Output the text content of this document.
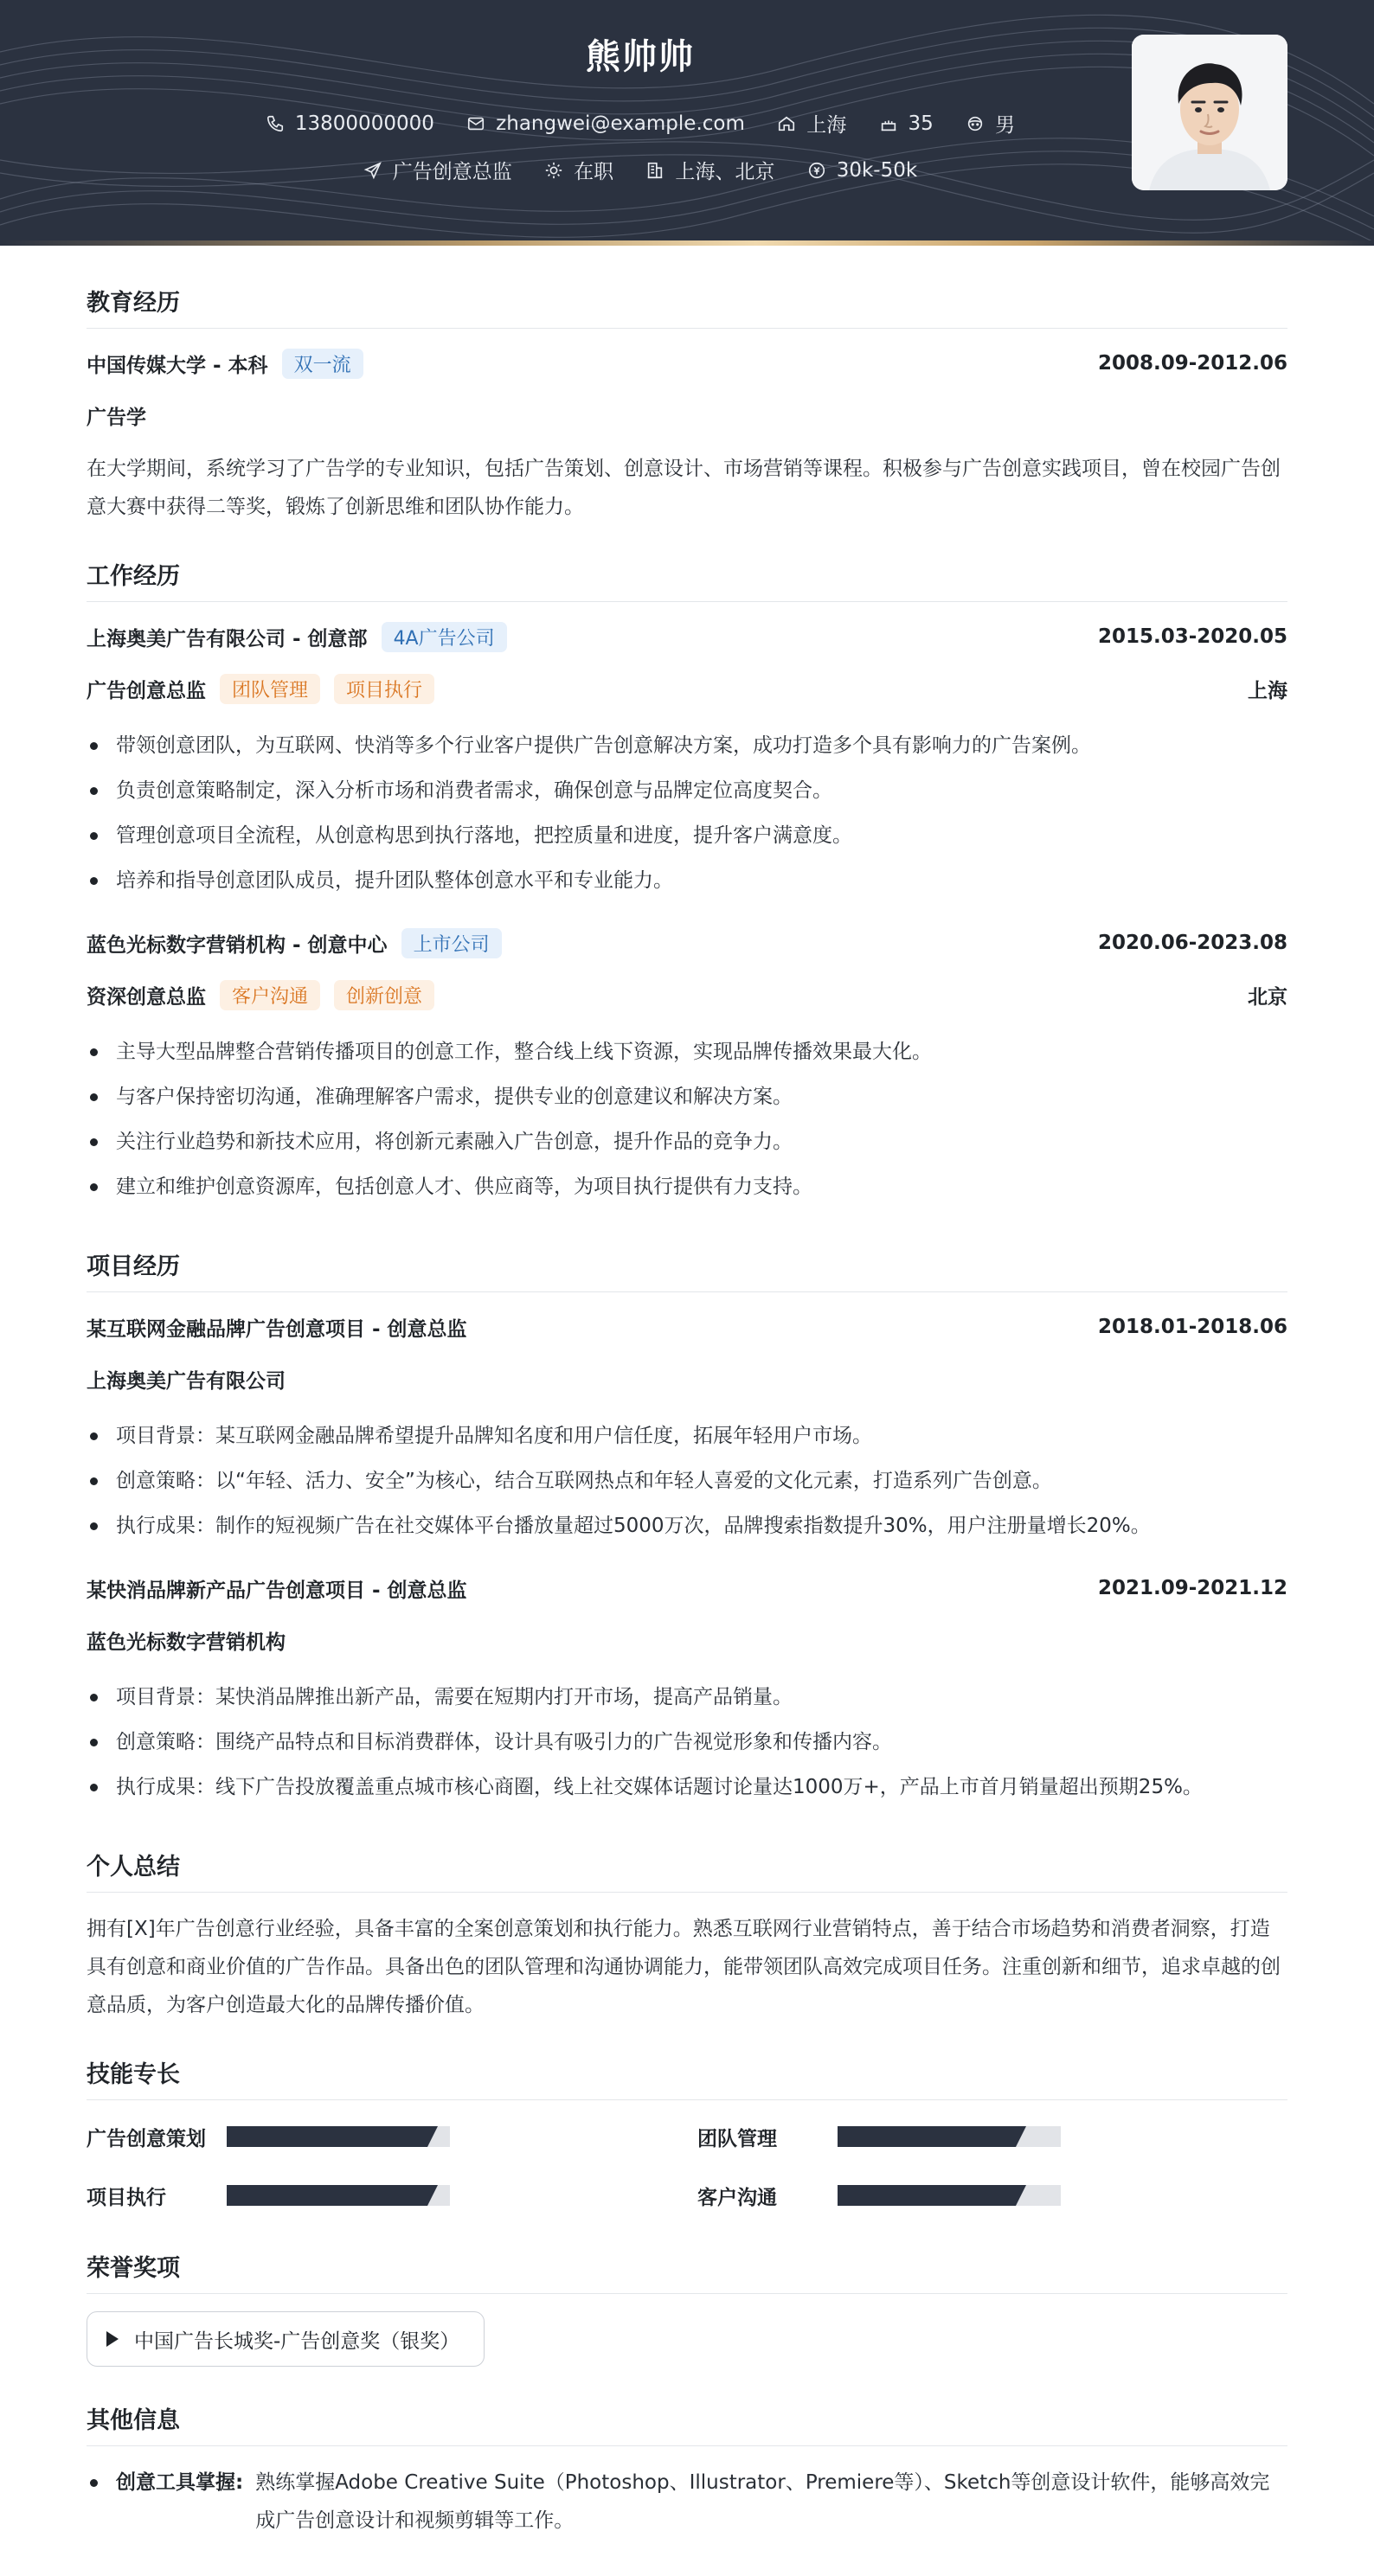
熊帅帅
13800000000
	zhangwei@example.com
	上海
	35
	男
广告创意总监
	在职
	上海、北京
	30k-50k
教育经历
中国传媒大学 - 本科	双一流	2008.09-2012.06
广告学

在大学期间，系统学习了广告学的专业知识，包括广告策划、创意设计、市场营销等课程。积极参与广告创意实践项目，曾在校园广告创意大赛中获得二等奖，锻炼了创新思维和团队协作能力。

工作经历
上海奥美广告有限公司 - 创意部	4A广告公司	2015.03-2020.05
广告创意总监	团队管理	项目执行	上海
带领创意团队，为互联网、快消等多个行业客户提供广告创意解决方案，成功打造多个具有影响力的广告案例。
负责创意策略制定，深入分析市场和消费者需求，确保创意与品牌定位高度契合。
管理创意项目全流程，从创意构思到执行落地，把控质量和进度，提升客户满意度。
培养和指导创意团队成员，提升团队整体创意水平和专业能力。
蓝色光标数字营销机构 - 创意中心	上市公司	2020.06-2023.08
资深创意总监	客户沟通	创新创意	北京
主导大型品牌整合营销传播项目的创意工作，整合线上线下资源，实现品牌传播效果最大化。
与客户保持密切沟通，准确理解客户需求，提供专业的创意建议和解决方案。
关注行业趋势和新技术应用，将创新元素融入广告创意，提升作品的竞争力。
建立和维护创意资源库，包括创意人才、供应商等，为项目执行提供有力支持。
项目经历
某互联网金融品牌广告创意项目 - 创意总监	2018.01-2018.06
上海奥美广告有限公司
项目背景：某互联网金融品牌希望提升品牌知名度和用户信任度，拓展年轻用户市场。
创意策略：以“年轻、活力、安全”为核心，结合互联网热点和年轻人喜爱的文化元素，打造系列广告创意。
执行成果：制作的短视频广告在社交媒体平台播放量超过5000万次，品牌搜索指数提升30%，用户注册量增长20%。
某快消品牌新产品广告创意项目 - 创意总监	2021.09-2021.12
蓝色光标数字营销机构
项目背景：某快消品牌推出新产品，需要在短期内打开市场，提高产品销量。
创意策略：围绕产品特点和目标消费群体，设计具有吸引力的广告视觉形象和传播内容。
执行成果：线下广告投放覆盖重点城市核心商圈，线上社交媒体话题讨论量达1000万+，产品上市首月销量超出预期25%。
个人总结

拥有[X]年广告创意行业经验，具备丰富的全案创意策划和执行能力。熟悉互联网行业营销特点，善于结合市场趋势和消费者洞察，打造具有创意和商业价值的广告作品。具备出色的团队管理和沟通协调能力，能带领团队高效完成项目任务。注重创新和细节，追求卓越的创意品质，为客户创造最大化的品牌传播价值。

技能专长
广告创意策划	团队管理
项目执行	客户沟通
荣誉奖项
中国广告长城奖-广告创意奖（银奖）
其他信息
创意工具掌握: 熟练掌握Adobe Creative Suite（Photoshop、Illustrator、Premiere等）、Sketch等创意设计软件，能够高效完成广告创意设计和视频剪辑等工作。
